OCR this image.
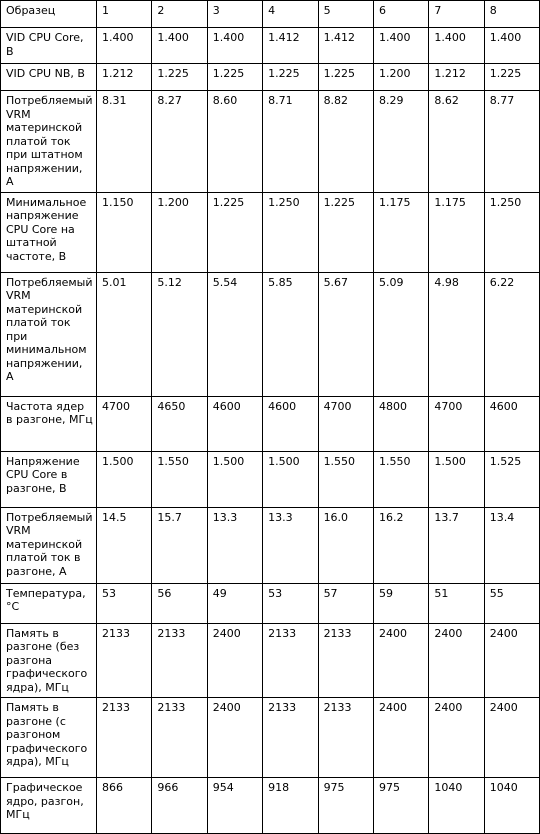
Образец	1	2	3	4	5	6	7	8
VID CPU Core, В	1.400	1.400	1.400	1.412	1.412	1.400	1.400	1.400
VID CPU NB, В	1.212	1.225	1.225	1.225	1.225	1.200	1.212	1.225
Потребляемый VRM материнской платой ток при штатном напряжении, А	8.31	8.27	8.60	8.71	8.82	8.29	8.62	8.77
Минимальное напряжение CPU Core на штатной частоте, В	1.150	1.200	1.225	1.250	1.225	1.175	1.175	1.250
Потребляемый VRM материнской платой ток при минимальном напряжении, А	5.01	5.12	5.54	5.85	5.67	5.09	4.98	6.22
Частота ядер в разгоне, МГц	4700	4650	4600	4600	4700	4800	4700	4600
Напряжение CPU Core в разгоне, В	1.500	1.550	1.500	1.500	1.550	1.550	1.500	1.525
Потребляемый VRM материнской платой ток в разгоне, А	14.5	15.7	13.3	13.3	16.0	16.2	13.7	13.4
Температура, °C	53	56	49	53	57	59	51	55
Память в разгоне (без разгона графического ядра), МГц	2133	2133	2400	2133	2133	2400	2400	2400
Память в разгоне (с разгоном графического ядра), МГц	2133	2133	2400	2133	2133	2400	2400	2400
Графическое ядро, разгон, МГц	866	966	954	918	975	975	1040	1040
